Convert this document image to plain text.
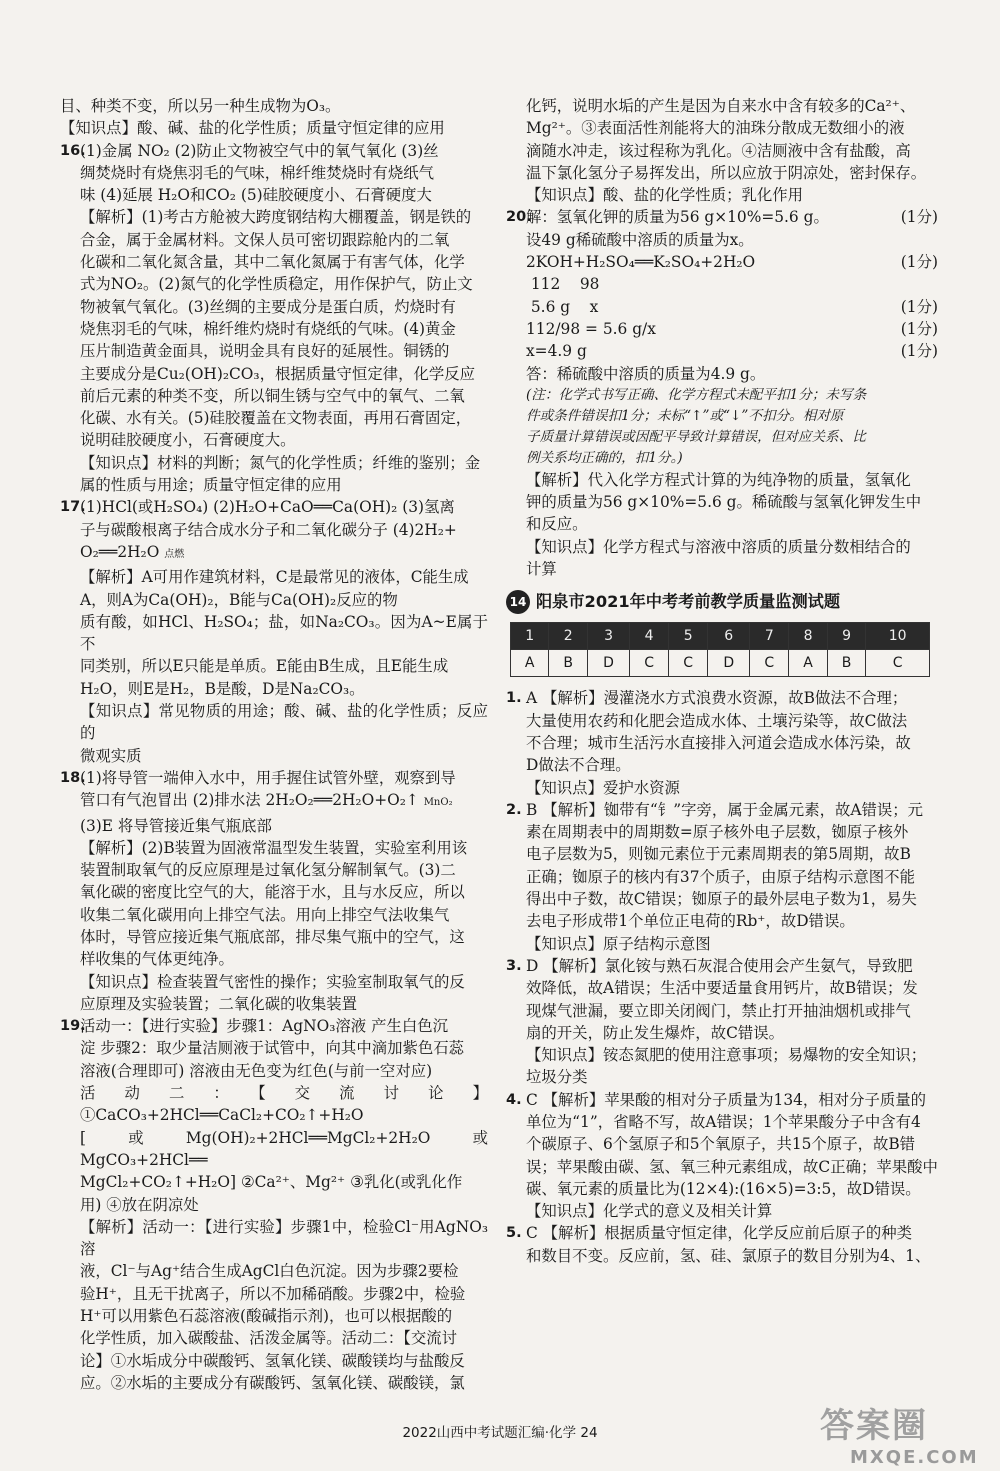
目、种类不变，所以另一种生成物为O₃。

【知识点】酸、碱、盐的化学性质；质量守恒定律的应用

16.

(1)金属 NO₂ (2)防止文物被空气中的氧气氧化 (3)丝

绸焚烧时有烧焦羽毛的气味，棉纤维焚烧时有烧纸气

味 (4)延展 H₂O和CO₂ (5)硅胶硬度小、石膏硬度大

【解析】(1)考古方舱被大跨度钢结构大棚覆盖，钢是铁的

合金，属于金属材料。文保人员可密切跟踪舱内的二氧

化碳和二氧化氮含量，其中二氧化氮属于有害气体，化学

式为NO₂。(2)氮气的化学性质稳定，用作保护气，防止文

物被氧气氧化。(3)丝绸的主要成分是蛋白质，灼烧时有

烧焦羽毛的气味，棉纤维灼烧时有烧纸的气味。(4)黄金

压片制造黄金面具，说明金具有良好的延展性。铜锈的

主要成分是Cu₂(OH)₂CO₃，根据质量守恒定律，化学反应

前后元素的种类不变，所以铜生锈与空气中的氧气、二氧

化碳、水有关。(5)硅胶覆盖在文物表面，再用石膏固定，

说明硅胶硬度小，石膏硬度大。

【知识点】材料的判断；氮气的化学性质；纤维的鉴别；金

属的性质与用途；质量守恒定律的应用

17.

(1)HCl(或H₂SO₄) (2)H₂O+CaO══Ca(OH)₂ (3)氢离

子与碳酸根离子结合成水分子和二氧化碳分子 (4)2H₂+

O₂══2H₂O 点燃

【解析】A可用作建筑材料，C是最常见的液体，C能生成

A，则A为Ca(OH)₂，B能与Ca(OH)₂反应的物

质有酸，如HCl、H₂SO₄；盐，如Na₂CO₃。因为A~E属于不

同类别，所以E只能是单质。E能由B生成，且E能生成

H₂O，则E是H₂，B是酸，D是Na₂CO₃。

【知识点】常见物质的用途；酸、碱、盐的化学性质；反应的

微观实质

18.

(1)将导管一端伸入水中，用手握住试管外壁，观察到导

管口有气泡冒出 (2)排水法 2H₂O₂══2H₂O+O₂↑ MnO₂

(3)E 将导管接近集气瓶底部

【解析】(2)B装置为固液常温型发生装置，实验室利用该

装置制取氧气的反应原理是过氧化氢分解制氧气。(3)二

氧化碳的密度比空气的大，能溶于水，且与水反应，所以

收集二氧化碳用向上排空气法。用向上排空气法收集气

体时，导管应接近集气瓶底部，排尽集气瓶中的空气，这

样收集的气体更纯净。

【知识点】检查装置气密性的操作；实验室制取氧气的反

应原理及实验装置；二氧化碳的收集装置

19.

活动一：【进行实验】步骤1：AgNO₃溶液 产生白色沉

淀 步骤2：取少量洁厕液于试管中，向其中滴加紫色石蕊

溶液(合理即可) 溶液由无色变为红色(与前一空对应)

活动二：【交流讨论】①CaCO₃+2HCl══CaCl₂+CO₂↑+H₂O

[或Mg(OH)₂+2HCl══MgCl₂+2H₂O或MgCO₃+2HCl══

MgCl₂+CO₂↑+H₂O] ②Ca²⁺、Mg²⁺ ③乳化(或乳化作

用) ④放在阴凉处

【解析】活动一：【进行实验】步骤1中，检验Cl⁻用AgNO₃溶

液，Cl⁻与Ag⁺结合生成AgCl白色沉淀。因为步骤2要检

验H⁺，且无干扰离子，所以不加稀硝酸。步骤2中，检验

H⁺可以用紫色石蕊溶液(酸碱指示剂)，也可以根据酸的

化学性质，加入碳酸盐、活泼金属等。活动二：【交流讨

论】①水垢成分中碳酸钙、氢氧化镁、碳酸镁均与盐酸反

应。②水垢的主要成分有碳酸钙、氢氧化镁、碳酸镁，氯

化钙，说明水垢的产生是因为自来水中含有较多的Ca²⁺、

Mg²⁺。③表面活性剂能将大的油珠分散成无数细小的液

滴随水冲走，该过程称为乳化。④洁厕液中含有盐酸，高

温下氯化氢分子易挥发出，所以应放于阴凉处，密封保存。

【知识点】酸、盐的化学性质；乳化作用

20.
解：氢氧化钾的质量为56 g×10%=5.6 g。	(1分)
设49 g稀硫酸中溶质的质量为x。
2KOH+H₂SO₄══K₂SO₄+2H₂O	(1分)
112    98
5.6 g    x	(1分)
112/98 = 5.6 g/x	(1分)
x=4.9 g	(1分)
答：稀硫酸中溶质的质量为4.9 g。

(注：化学式书写正确、化学方程式未配平扣1分；未写条

件或条件错误扣1分；未标“↑”或“↓”不扣分。相对原

子质量计算错误或因配平导致计算错误，但对应关系、比

例关系均正确的，扣1分。)

【解析】代入化学方程式计算的为纯净物的质量，氢氧化

钾的质量为56 g×10%=5.6 g。稀硫酸与氢氧化钾发生中

和反应。

【知识点】化学方程式与溶液中溶质的质量分数相结合的

计算

14 阳泉市2021年中考考前教学质量监测试题
1	2	3	4	5	6	7	8	9	10
A	B	D	C	C	D	C	A	B	C
1. A 【解析】漫灌浇水方式浪费水资源，故B做法不合理；

大量使用农药和化肥会造成水体、土壤污染等，故C做法

不合理；城市生活污水直接排入河道会造成水体污染，故

D做法不合理。

【知识点】爱护水资源

2. B 【解析】铷带有“钅”字旁，属于金属元素，故A错误；元

素在周期表中的周期数=原子核外电子层数，铷原子核外

电子层数为5，则铷元素位于元素周期表的第5周期，故B

正确；铷原子的核内有37个质子，由原子结构示意图不能

得出中子数，故C错误；铷原子的最外层电子数为1，易失

去电子形成带1个单位正电荷的Rb⁺，故D错误。

【知识点】原子结构示意图

3. D 【解析】氯化铵与熟石灰混合使用会产生氨气，导致肥

效降低，故A错误；生活中要适量食用钙片，故B错误；发

现煤气泄漏，要立即关闭阀门，禁止打开抽油烟机或排气

扇的开关，防止发生爆炸，故C错误。

【知识点】铵态氮肥的使用注意事项；易爆物的安全知识；

垃圾分类

4. C 【解析】苹果酸的相对分子质量为134，相对分子质量的

单位为“1”，省略不写，故A错误；1个苹果酸分子中含有4

个碳原子、6个氢原子和5个氧原子，共15个原子，故B错

误；苹果酸由碳、氢、氧三种元素组成，故C正确；苹果酸中

碳、氧元素的质量比为(12×4):(16×5)=3:5，故D错误。

【知识点】化学式的意义及相关计算

5. C 【解析】根据质量守恒定律，化学反应前后原子的种类

和数目不变。反应前，氢、硅、氯原子的数目分别为4、1、

2022山西中考试题汇编·化学 24	答案圈
MXQE.COM
